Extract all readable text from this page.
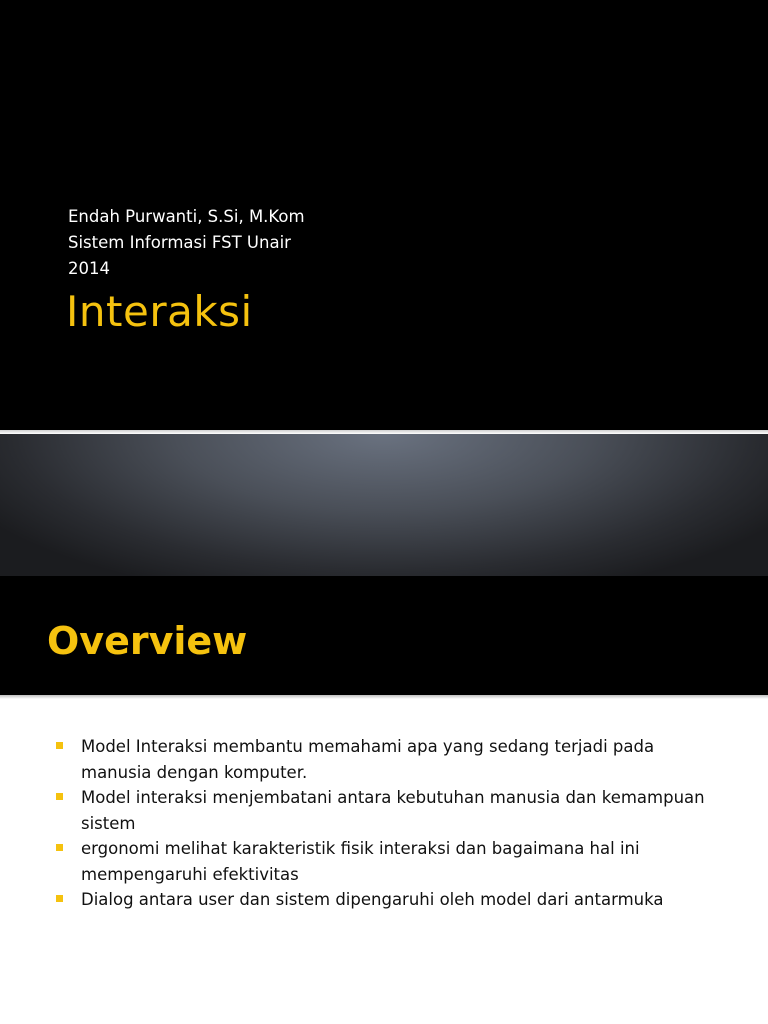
Endah Purwanti, S.Si, M.Kom
Sistem Informasi FST Unair
2014
Interaksi
Overview
Model Interaksi membantu memahami apa yang sedang terjadi pada manusia dengan komputer.
Model interaksi menjembatani antara kebutuhan manusia dan kemampuan sistem
ergonomi melihat karakteristik fisik interaksi dan bagaimana hal ini mempengaruhi efektivitas
Dialog antara user dan sistem dipengaruhi oleh model dari antarmuka
